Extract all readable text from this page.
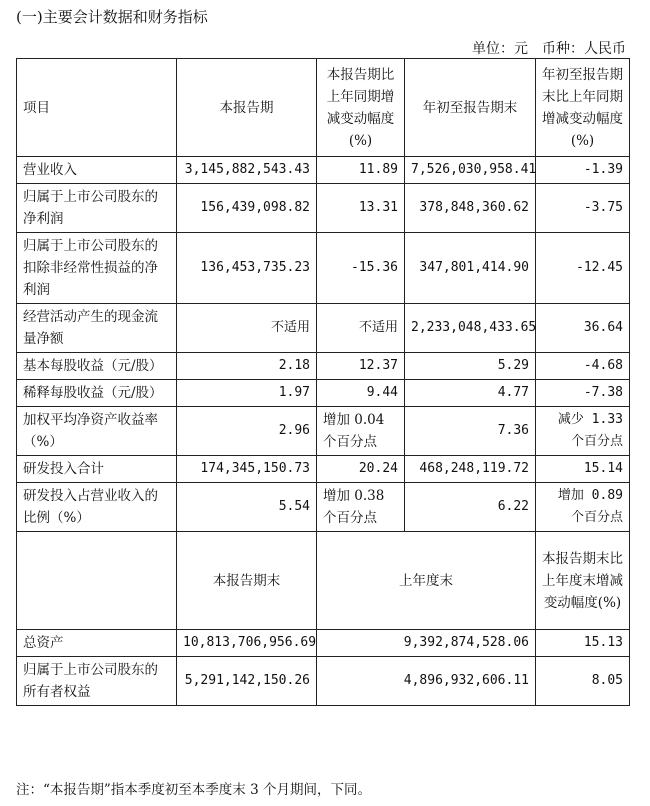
(一)主要会计数据和财务指标
单位：元　币种：人民币
项目	本报告期	本报告期比上年同期增减变动幅度(%)	年初至报告期末	年初至报告期末比上年同期增减变动幅度(%)
营业收入	3,145,882,543.43	11.89	7,526,030,958.41	-1.39
归属于上市公司股东的净利润	156,439,098.82	13.31	378,848,360.62	-3.75
归属于上市公司股东的扣除非经常性损益的净利润	136,453,735.23	-15.36	347,801,414.90	-12.45
经营活动产生的现金流量净额	不适用	不适用	2,233,048,433.65	36.64
基本每股收益（元/股）	2.18	12.37	5.29	-4.68
稀释每股收益（元/股）	1.97	9.44	4.77	-7.38
加权平均净资产收益率（%）	2.96	增加 0.04 个百分点	7.36	减少 1.33 个百分点
研发投入合计	174,345,150.73	20.24	468,248,119.72	15.14
研发投入占营业收入的比例（%）	5.54	增加 0.38 个百分点	6.22	增加 0.89 个百分点
	本报告期末	上年度末		本报告期末比上年度末增减变动幅度(%)
总资产	10,813,706,956.69	9,392,874,528.06		15.13
归属于上市公司股东的所有者权益	5,291,142,150.26	4,896,932,606.11		8.05
注：“本报告期”指本季度初至本季度末 3 个月期间，下同。
